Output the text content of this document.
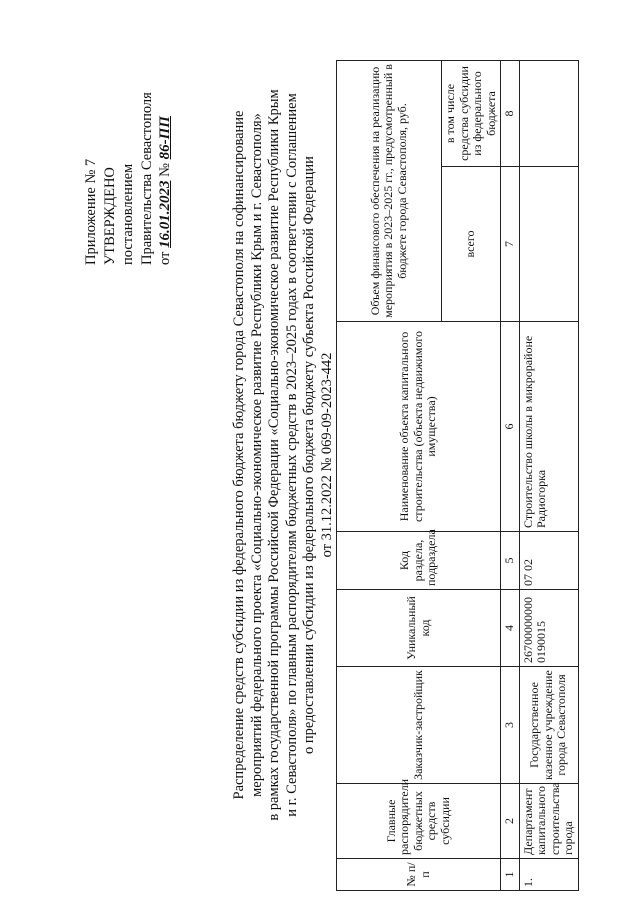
Приложение № 7 УТВЕРЖДЕНО постановлением Правительства Севастополя от 16.01.2023 № 86-ПП	Распределение средств субсидии из федерального бюджета бюджету города Севастополя на софинансирование мероприятий федерального проекта «Социально-экономическое развитие Республики Крым и г. Севастополя» в рамках государственной программы Российской Федерации «Социально-экономическое развитие Республики Крым и г. Севастополя» по главным распорядителям бюджетных средств в 2023–2025 годах в соответствии с Соглашением о предоставлении субсидии из федерального бюджета бюджету субъекта Российской Федерации от 31.12.2022 № 069-09-2023-442
№ п/п	Главные распорядители бюджетных средств субсидии	Заказчик-застройщик	Уникальный код	Код раздела, подраздела	Наименование объекта капитального строительства (объекта недвижимого имущества)	Объем финансового обеспечения на реализацию мероприятия в 2023–2025 гг., предусмотренный в бюджете города Севастополя, руб.	
						всего	в том числе средства субсидии из федерального бюджета
1	2	3	4	5	6	7	8
1.	Департамент капитального строительства города	Государственное казенное учреждение города Севастополя	267000000000190015	07 02	Строительство школы в микрорайоне Радиогорка		
